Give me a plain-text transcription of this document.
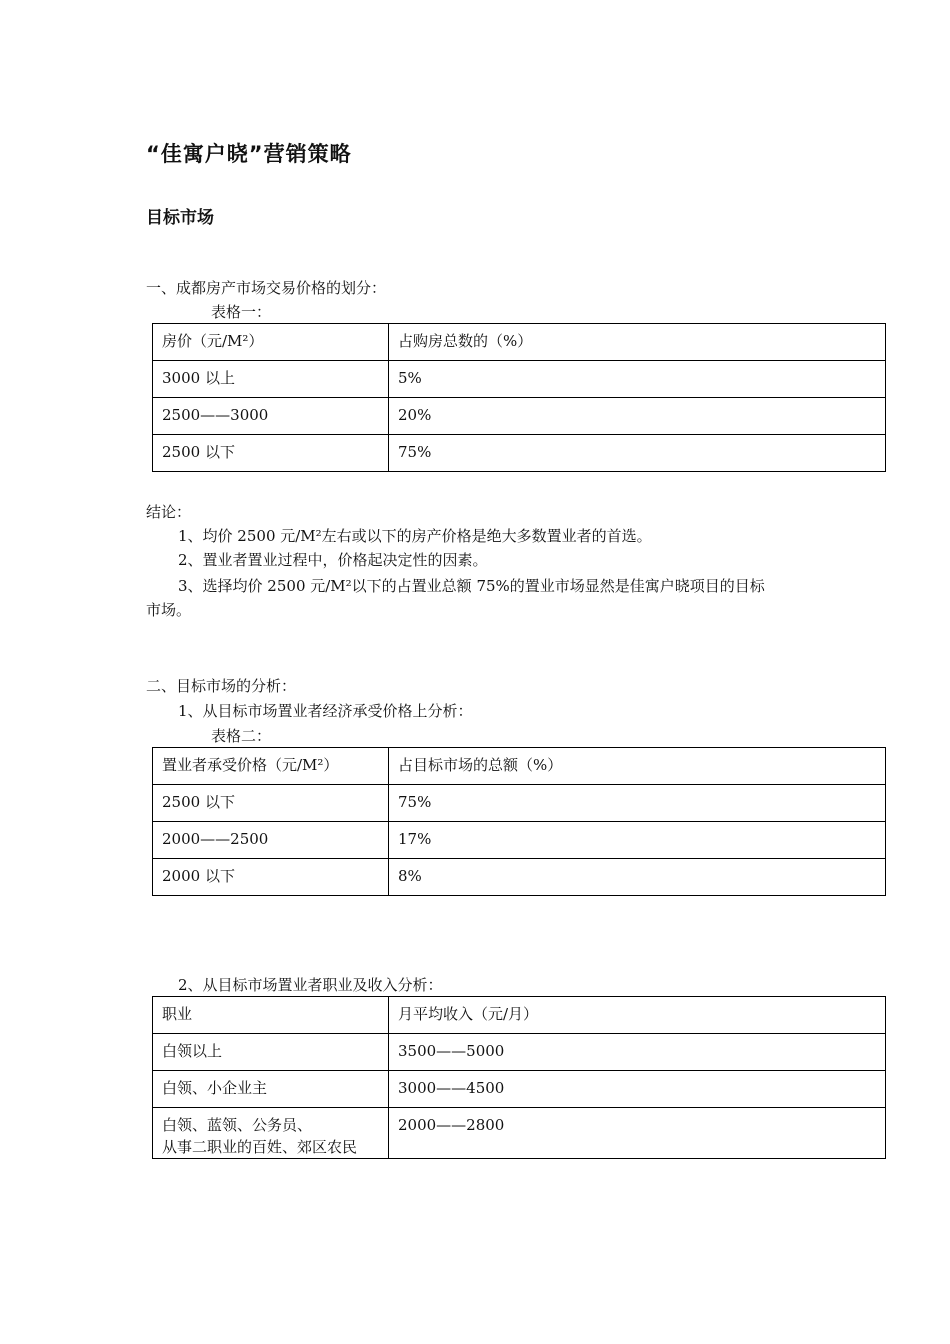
“佳寓户晓”营销策略
目标市场
一、成都房产市场交易价格的划分：
表格一：
房价（元/M²）	占购房总数的（%）
3000 以上	5%
2500——3000	20%
2500 以下	75%
结论：
1、均价 2500 元/M²左右或以下的房产价格是绝大多数置业者的首选。
2、置业者置业过程中，价格起决定性的因素。
3、选择均价 2500 元/M²以下的占置业总额 75%的置业市场显然是佳寓户晓项目的目标
市场。
二、目标市场的分析：
1、从目标市场置业者经济承受价格上分析：
表格二：
置业者承受价格（元/M²）	占目标市场的总额（%）
2500 以下	75%
2000——2500	17%
2000 以下	8%
2、从目标市场置业者职业及收入分析：
职业	月平均收入（元/月）
白领以上	3500——5000
白领、小企业主	3000——4500

白领、蓝领、公务员、
从事二职业的百姓、郊区农民	2000——2800
